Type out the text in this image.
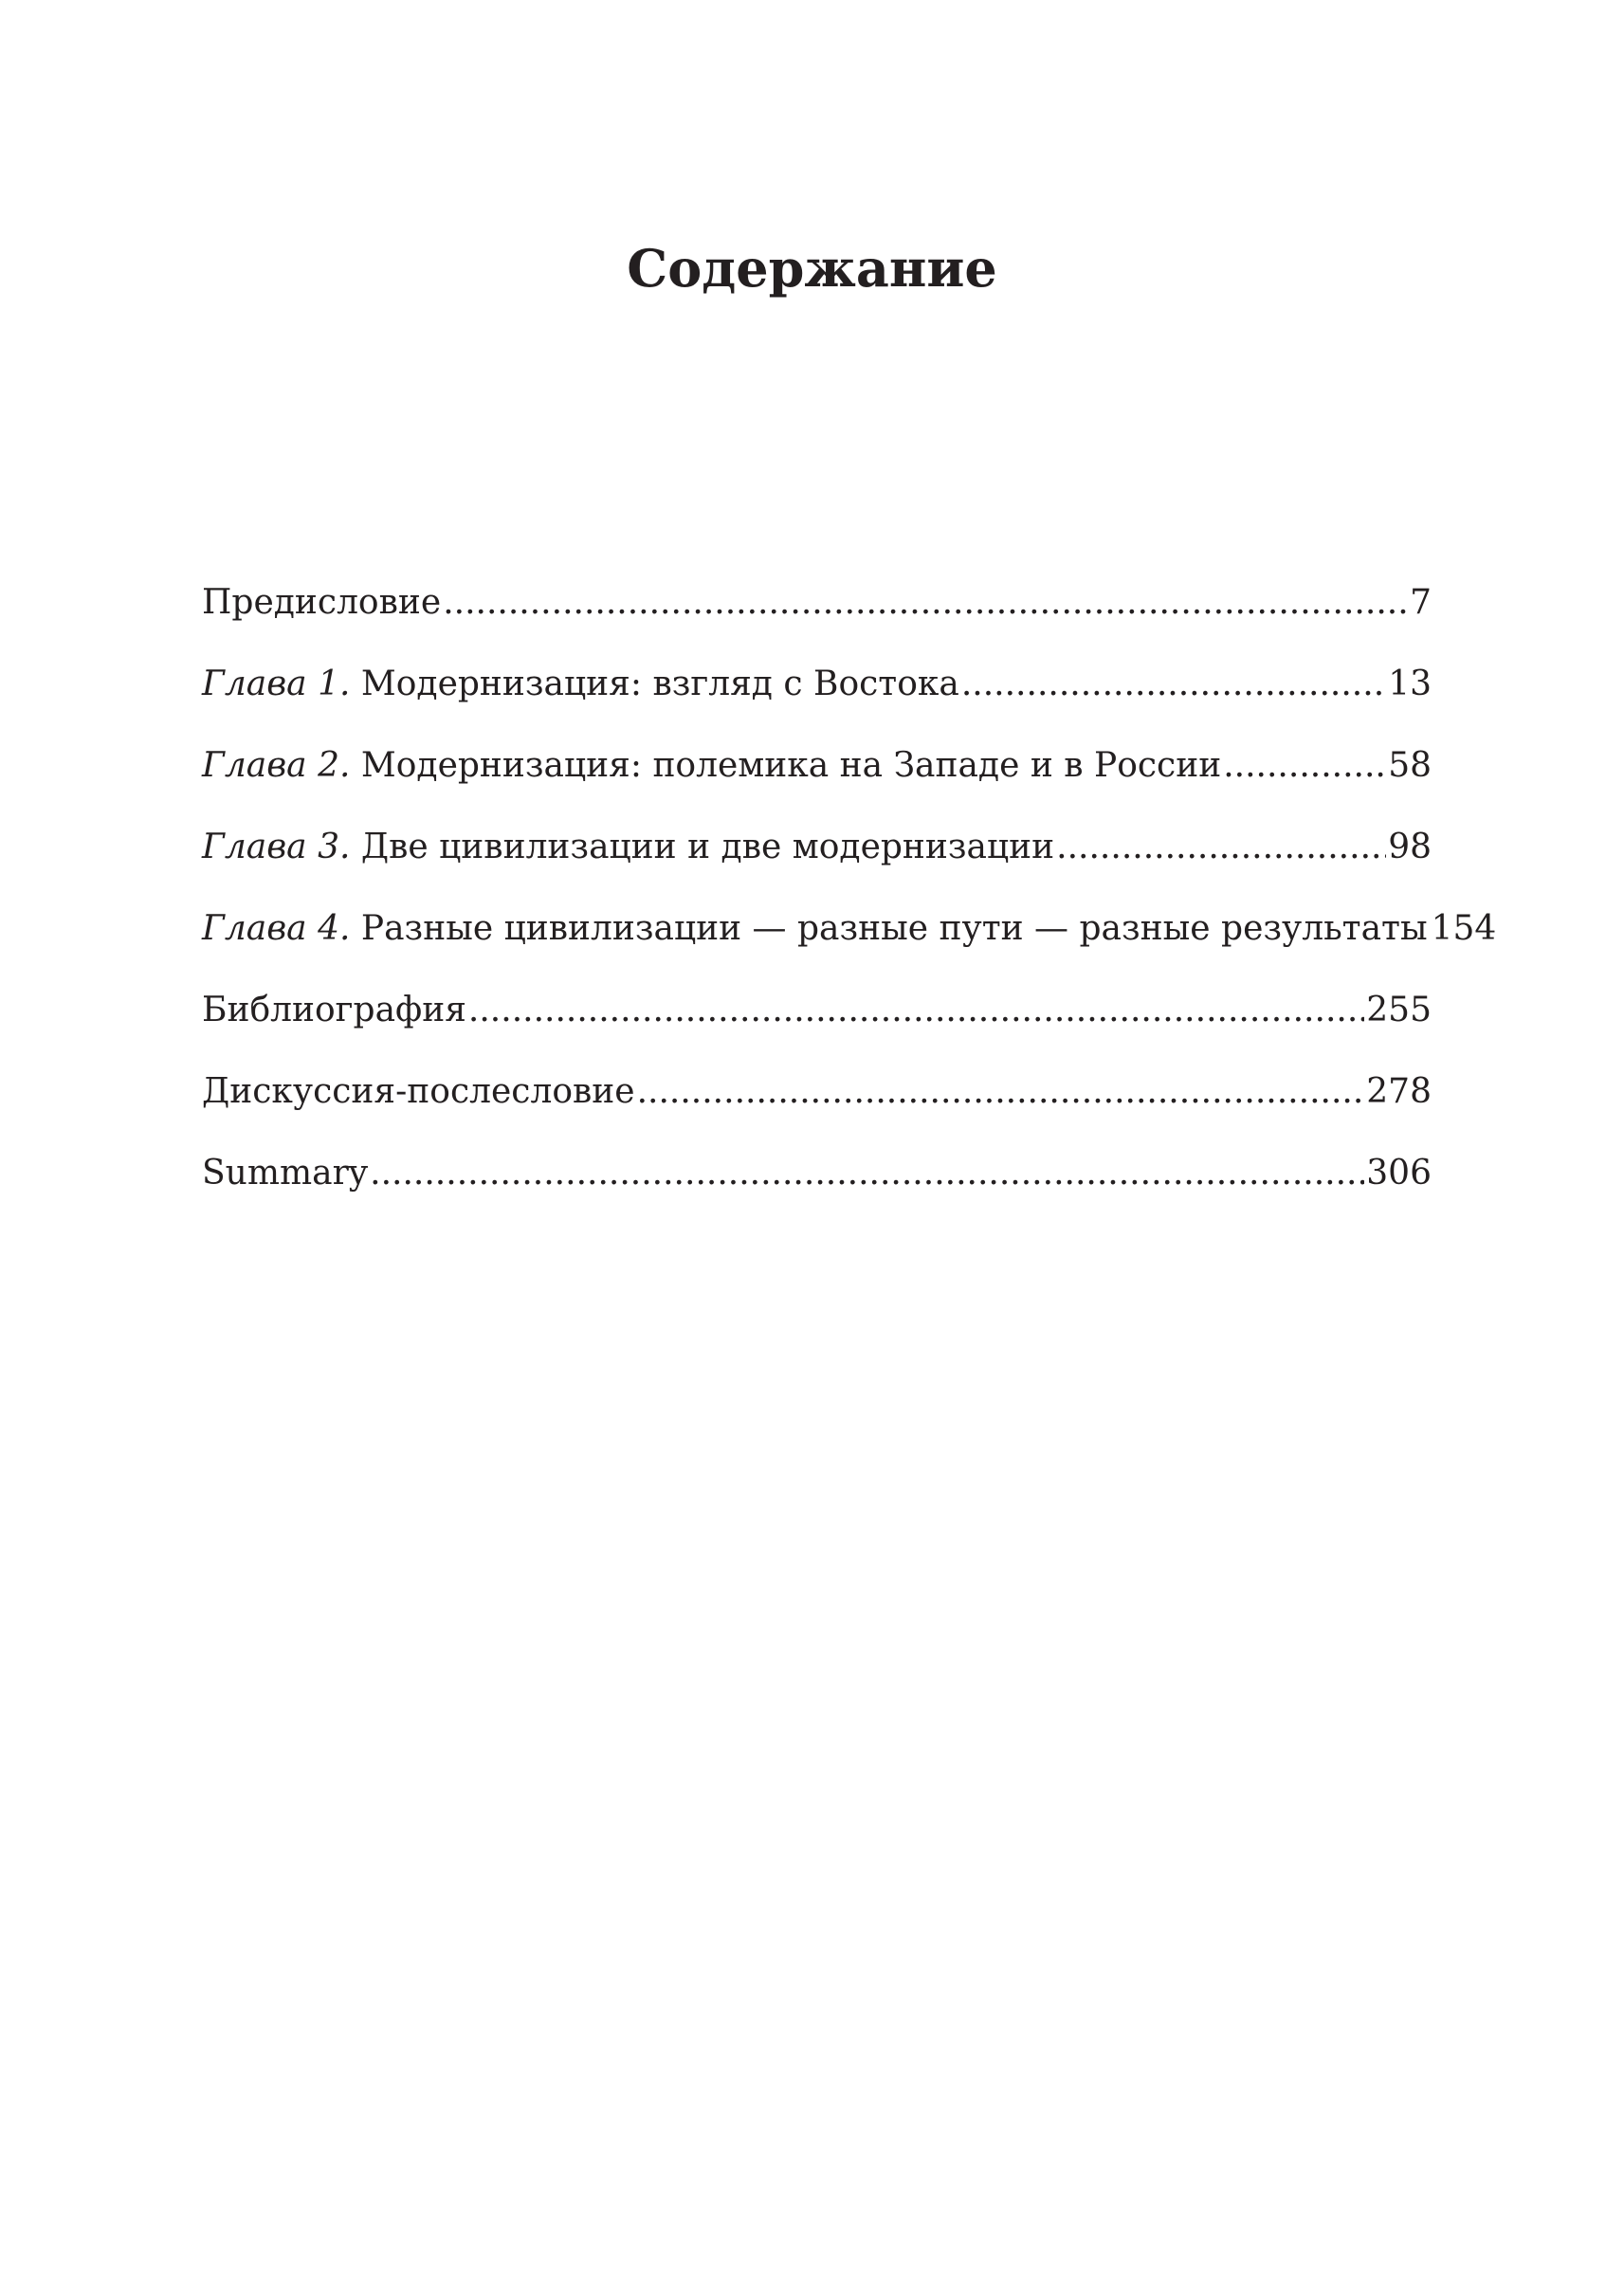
Содержание
Предисловие .....	7
Глава 1. Модернизация: взгляд с Востока .....	13
Глава 2. Модернизация: полемика на Западе и в России .....	58
Глава 3. Две цивилизации и две модернизации .....	98
Глава 4. Разные цивилизации — разные пути — разные результаты 154
Библиография .....	255
Дискуссия-послесловие .....	278
Summary .....	306
